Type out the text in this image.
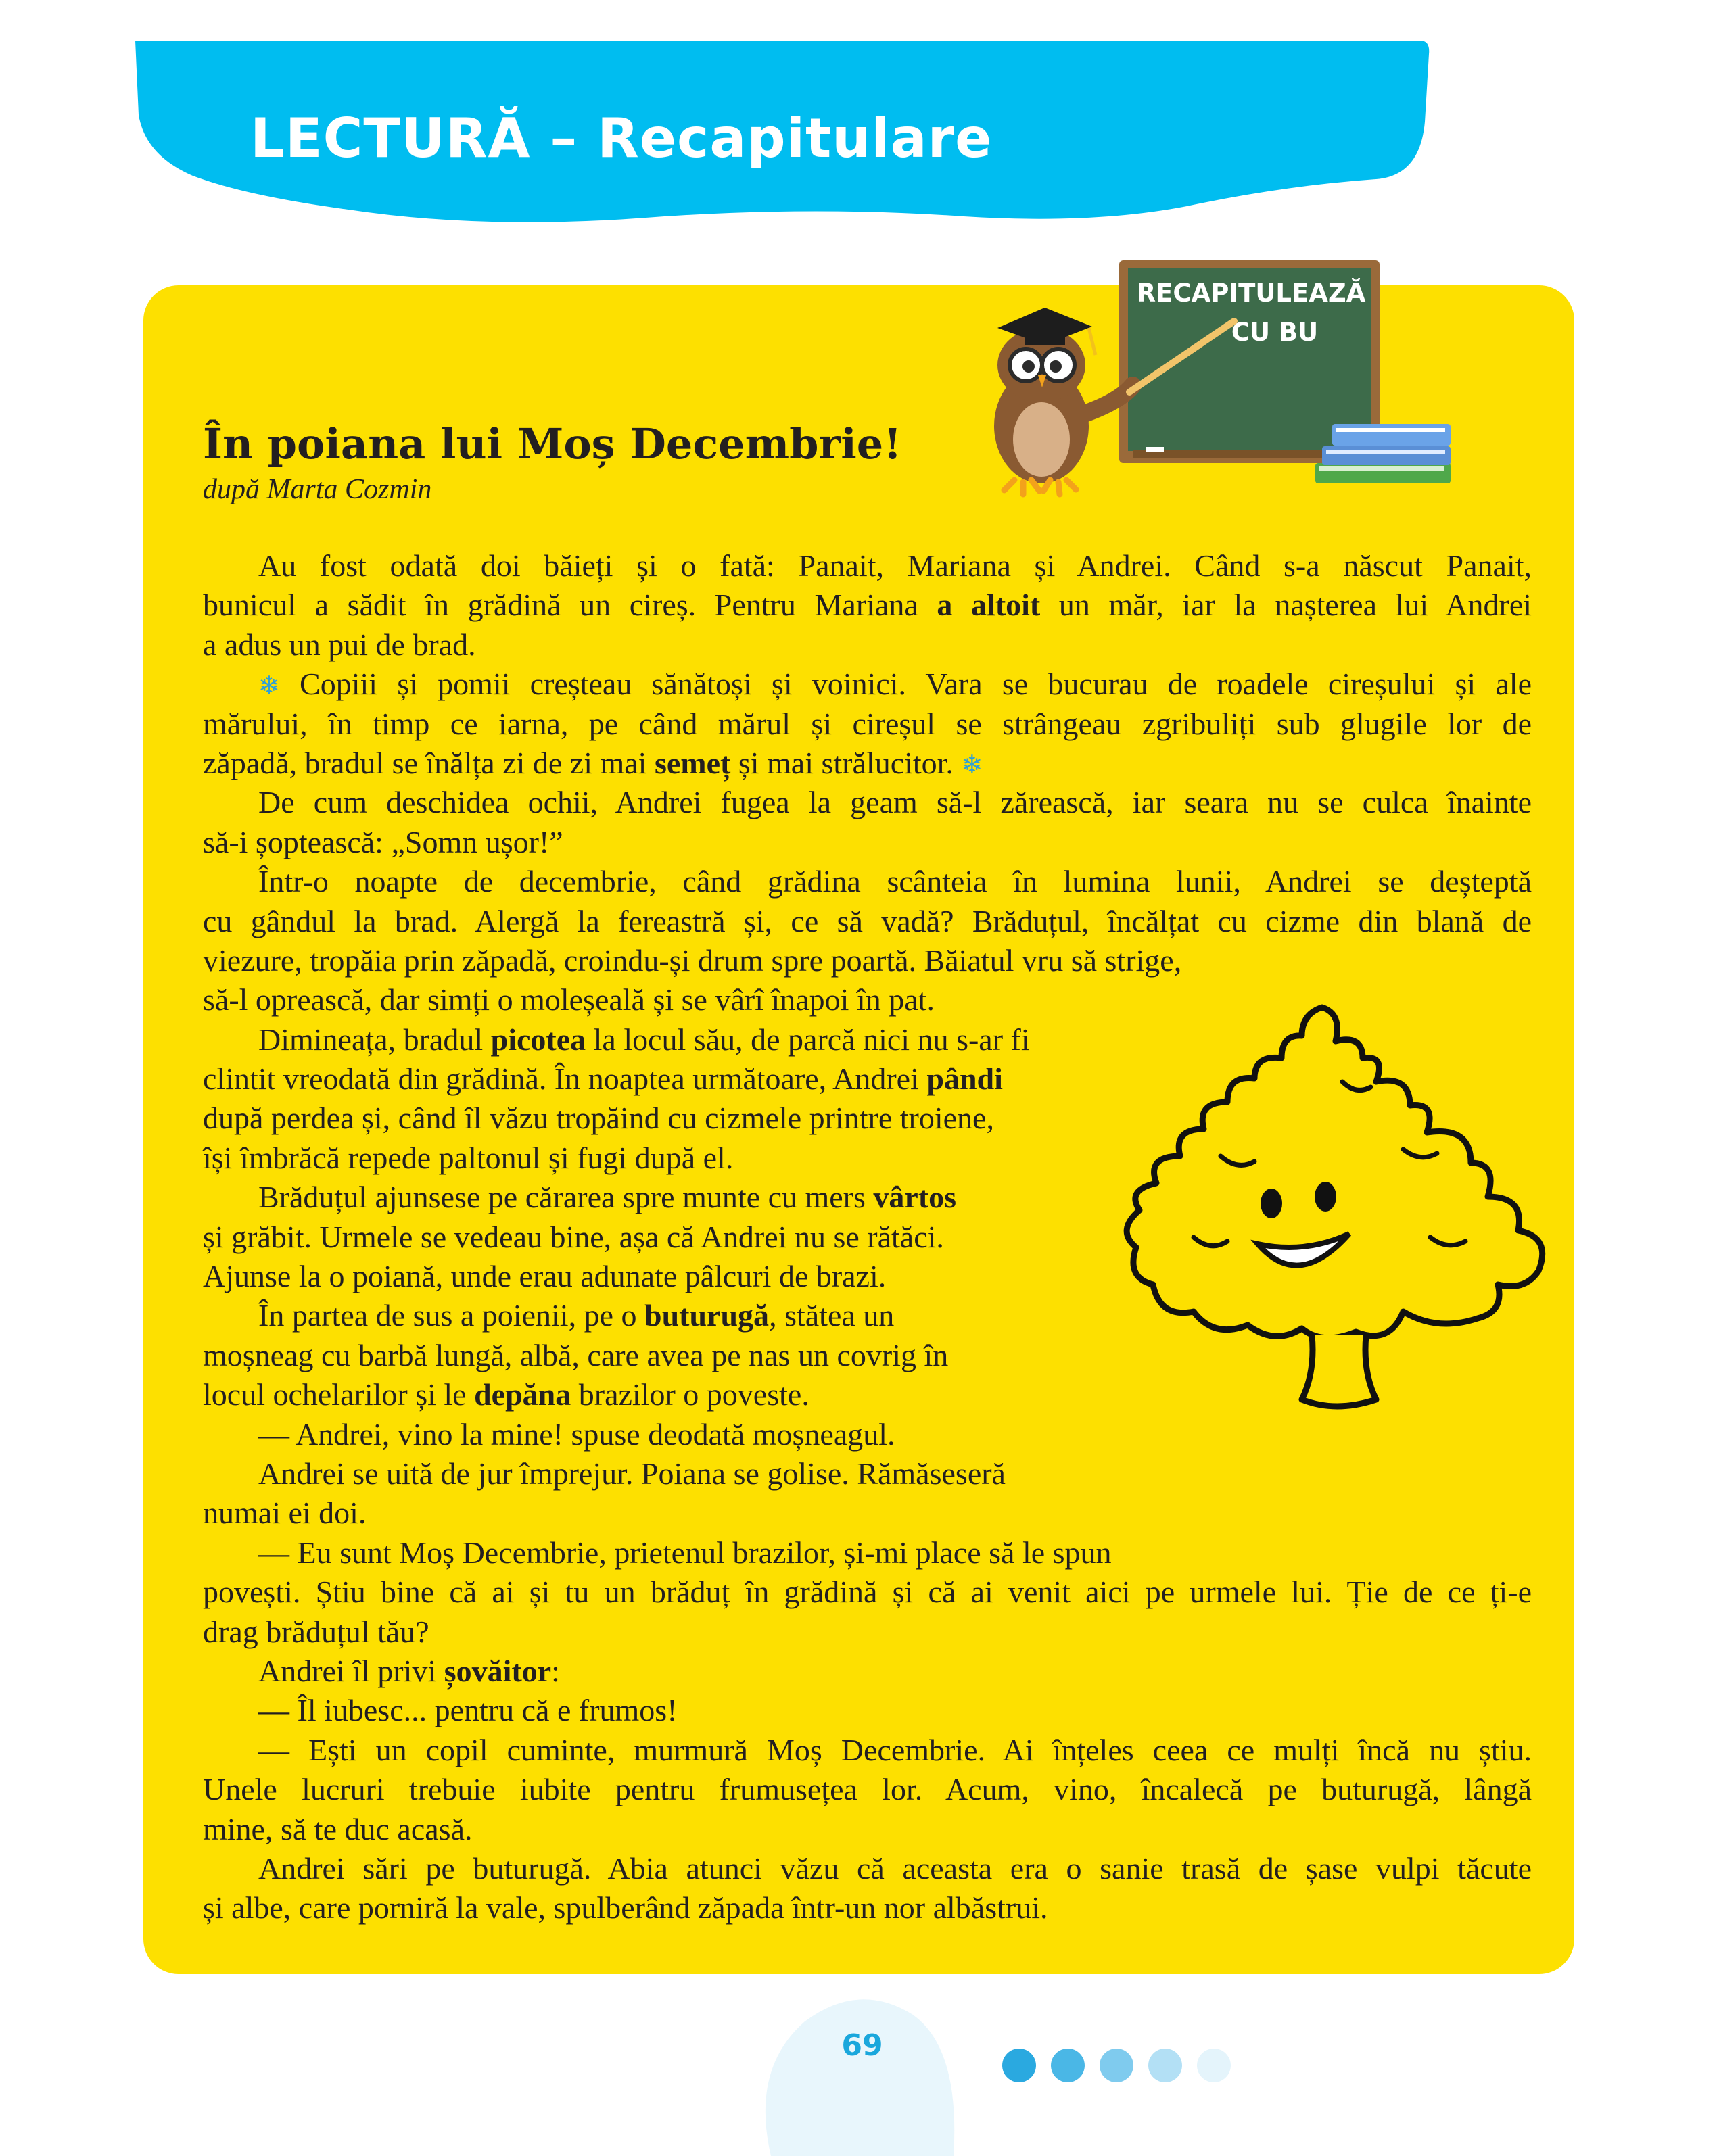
LECTURĂ – Recapitulare
RECAPITULEAZĂ
CU BU
În poiana lui Moș Decembrie!
după Marta Cozmin
Au fost odată doi băieți și o fată: Panait, Mariana și Andrei. Când s-a născut Panait,
bunicul a sădit în grădină un cireș. Pentru Mariana a altoit un măr, iar la nașterea lui Andrei
a adus un pui de brad.
❄ Copiii și pomii creșteau sănătoși și voinici. Vara se bucurau de roadele cireșului și ale
mărului, în timp ce iarna, pe când mărul și cireșul se strângeau zgribuliți sub glugile lor de
zăpadă, bradul se înălța zi de zi mai semeț și mai strălucitor. ❄
De cum deschidea ochii, Andrei fugea la geam să-l zărească, iar seara nu se culca înainte
să-i șoptească: „Somn ușor!”
Într-o noapte de decembrie, când grădina scânteia în lumina lunii, Andrei se deșteptă
cu gândul la brad. Alergă la fereastră și, ce să vadă? Brăduțul, încălțat cu cizme din blană de
viezure, tropăia prin zăpadă, croindu-și drum spre poartă. Băiatul vru să strige,
să-l oprească, dar simți o moleșeală și se vârî înapoi în pat.
Dimineața, bradul picotea la locul său, de parcă nici nu s-ar fi
clintit vreodată din grădină. În noaptea următoare, Andrei pândi
după perdea și, când îl văzu tropăind cu cizmele printre troiene,
își îmbrăcă repede paltonul și fugi după el.
Brăduțul ajunsese pe cărarea spre munte cu mers vârtos
și grăbit. Urmele se vedeau bine, așa că Andrei nu se rătăci.
Ajunse la o poiană, unde erau adunate pâlcuri de brazi.
În partea de sus a poienii, pe o buturugă, stătea un
moșneag cu barbă lungă, albă, care avea pe nas un covrig în
locul ochelarilor și le depăna brazilor o poveste.
— Andrei, vino la mine! spuse deodată moșneagul.
Andrei se uită de jur împrejur. Poiana se golise. Rămăseseră
numai ei doi.
— Eu sunt Moș Decembrie, prietenul brazilor, și-mi place să le spun
povești. Știu bine că ai și tu un brăduț în grădină și că ai venit aici pe urmele lui. Ție de ce ți-e
drag brăduțul tău?
Andrei îl privi șovăitor:
— Îl iubesc... pentru că e frumos!
— Ești un copil cuminte, murmură Moș Decembrie. Ai înțeles ceea ce mulți încă nu știu.
Unele lucruri trebuie iubite pentru frumusețea lor. Acum, vino, încalecă pe buturugă, lângă
mine, să te duc acasă.
Andrei sări pe buturugă. Abia atunci văzu că aceasta era o sanie trasă de șase vulpi tăcute
și albe, care porniră la vale, spulberând zăpada într-un nor albăstrui.
69
